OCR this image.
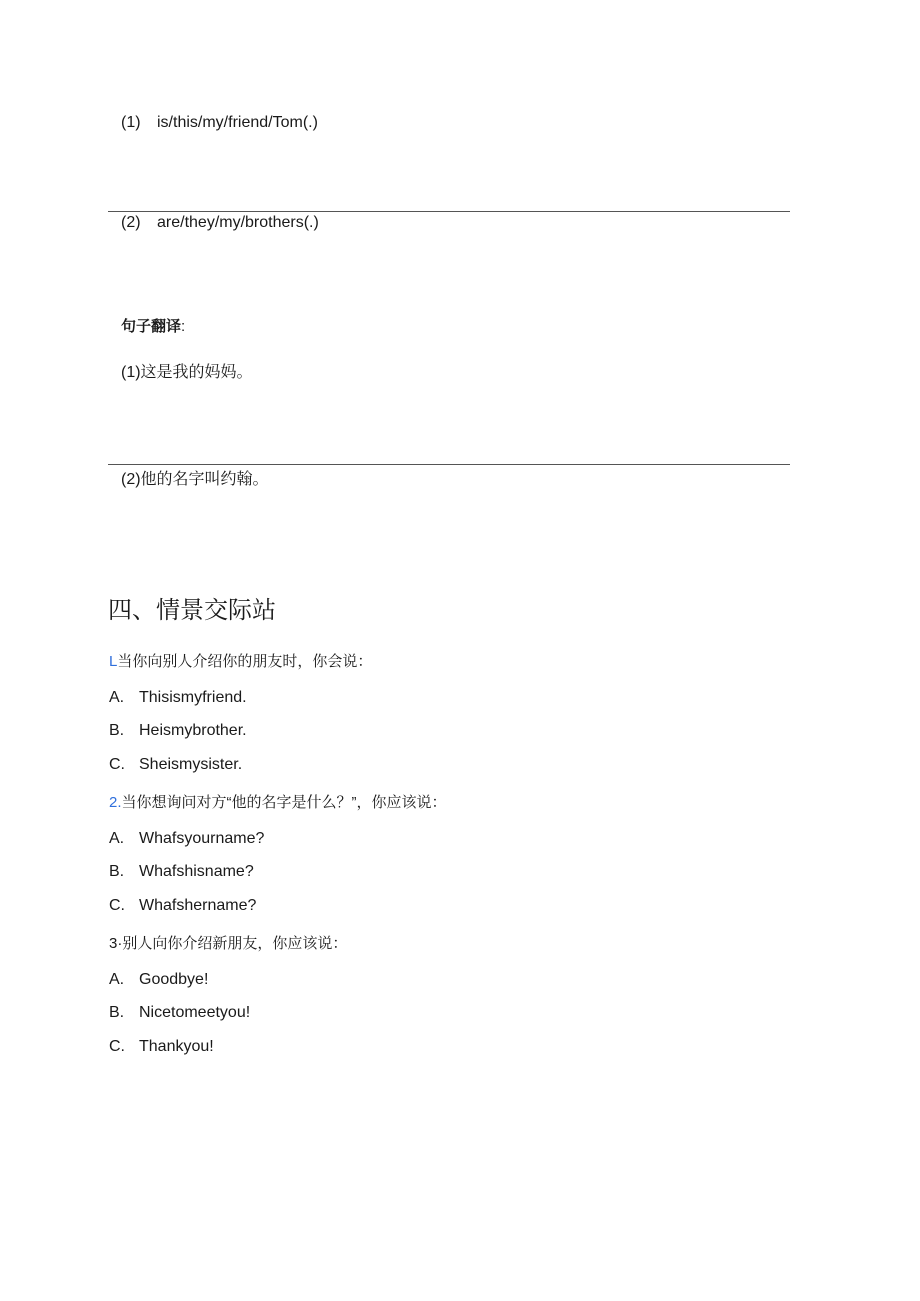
(1) is/this/my/friend/Tom(.)
(2) are/they/my/brothers(.)
句子翻译:
(1)这是我的妈妈。
(2)他的名字叫约翰。
四、情景交际站
L当你向别人介绍你的朋友时，你会说：
A. Thisismyfriend.
B. Heismybrother.
C. Sheismysister.
2.当你想询问对方“他的名字是什么？”，你应该说：
A. Whafsyourname?
B. Whafshisname?
C. Whafshername?
3·别人向你介绍新朋友，你应该说：
A. Goodbye!
B. Nicetomeetyou!
C. Thankyou!
